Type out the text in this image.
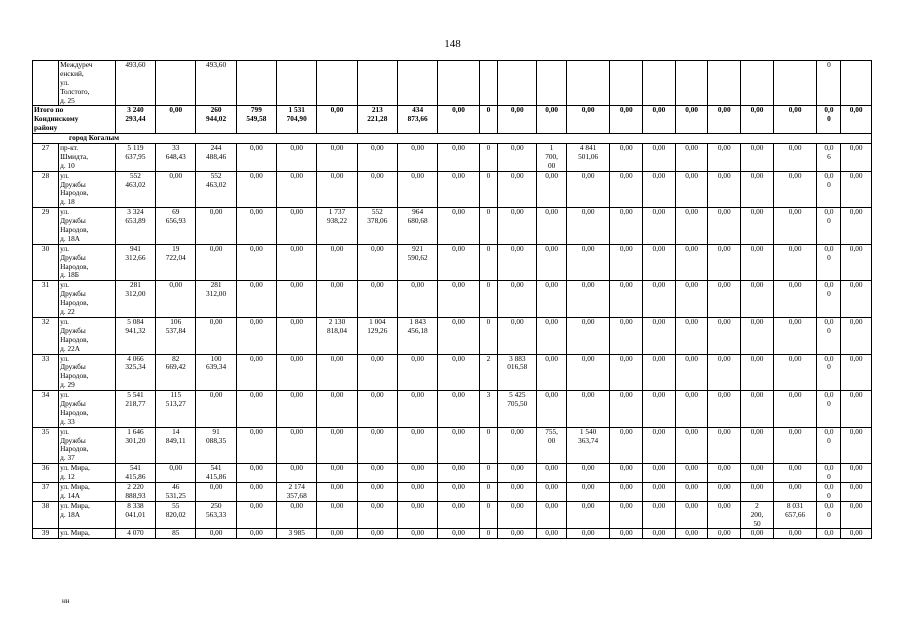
148
	Междуреч
енский,
ул.
Толстого,
д. 25	493,60		493,60																	0	
Итого по
Кондинскому
району		3 240
293,44	0,00	260
944,02	799
549,58	1 531
704,90	0,00	213
221,28	434
873,66	0,00	0	0,00	0,00	0,00	0,00	0,00	0,00	0,00	0,00	0,00	0,0
0	0,00
город Когалым																						
27	пр-кт.
Шмидта,
д. 10	5 119
637,95	33
648,43	244
488,46	0,00	0,00	0,00	0,00	0,00	0,00	0	0,00	1
700,
00	4 841
501,06	0,00	0,00	0,00	0,00	0,00	0,00	0,0
6	0,00
28	ул.
Дружбы
Народов,
д. 18	552
463,02	0,00	552
463,02	0,00	0,00	0,00	0,00	0,00	0,00	0	0,00	0,00	0,00	0,00	0,00	0,00	0,00	0,00	0,00	0,0
0	0,00
29	ул.
Дружбы
Народов,
д. 18А	3 324
653,89	69
656,93	0,00	0,00	0,00	1 737
938,22	552
378,06	964
680,68	0,00	0	0,00	0,00	0,00	0,00	0,00	0,00	0,00	0,00	0,00	0,0
0	0,00
30	ул.
Дружбы
Народов,
д. 18Б	941
312,66	19
722,04	0,00	0,00	0,00	0,00	0,00	921
590,62	0,00	0	0,00	0,00	0,00	0,00	0,00	0,00	0,00	0,00	0,00	0,0
0	0,00
31	ул.
Дружбы
Народов,
д. 22	281
312,00	0,00	281
312,00	0,00	0,00	0,00	0,00	0,00	0,00	0	0,00	0,00	0,00	0,00	0,00	0,00	0,00	0,00	0,00	0,0
0	0,00
32	ул.
Дружбы
Народов,
д. 22А	5 084
941,32	106
537,84	0,00	0,00	0,00	2 130
818,04	1 004
129,26	1 843
456,18	0,00	0	0,00	0,00	0,00	0,00	0,00	0,00	0,00	0,00	0,00	0,0
0	0,00
33	ул.
Дружбы
Народов,
д. 29	4 066
325,34	82
669,42	100
639,34	0,00	0,00	0,00	0,00	0,00	0,00	2	3 883
016,58	0,00	0,00	0,00	0,00	0,00	0,00	0,00	0,00	0,0
0	0,00
34	ул.
Дружбы
Народов,
д. 33	5 541
218,77	115
513,27	0,00	0,00	0,00	0,00	0,00	0,00	0,00	3	5 425
705,50	0,00	0,00	0,00	0,00	0,00	0,00	0,00	0,00	0,0
0	0,00
35	ул.
Дружбы
Народов,
д. 37	1 646
301,20	14
849,11	91
088,35	0,00	0,00	0,00	0,00	0,00	0,00	0	0,00	755,
00	1 540
363,74	0,00	0,00	0,00	0,00	0,00	0,00	0,0
0	0,00
36	ул. Мира,
д. 12	541
415,86	0,00	541
415,86	0,00	0,00	0,00	0,00	0,00	0,00	0	0,00	0,00	0,00	0,00	0,00	0,00	0,00	0,00	0,00	0,0
0	0,00
37	ул. Мира,
д. 14А	2 220
888,93	46
531,25	0,00	0,00	2 174
357,68	0,00	0,00	0,00	0,00	0	0,00	0,00	0,00	0,00	0,00	0,00	0,00	0,00	0,00	0,0
0	0,00
38	ул. Мира,
д. 18А	8 338
041,01	55
820,02	250
563,33	0,00	0,00	0,00	0,00	0,00	0,00	0	0,00	0,00	0,00	0,00	0,00	0,00	0,00	2
200,
50	8 031
657,66	0,0
0	0,00
39	ул. Мира,	4 070	85	0,00	0,00	3 985	0,00	0,00	0,00	0,00	0	0,00	0,00	0,00	0,00	0,00	0,00	0,00	0,00	0,00	0,0	0,00
нн
